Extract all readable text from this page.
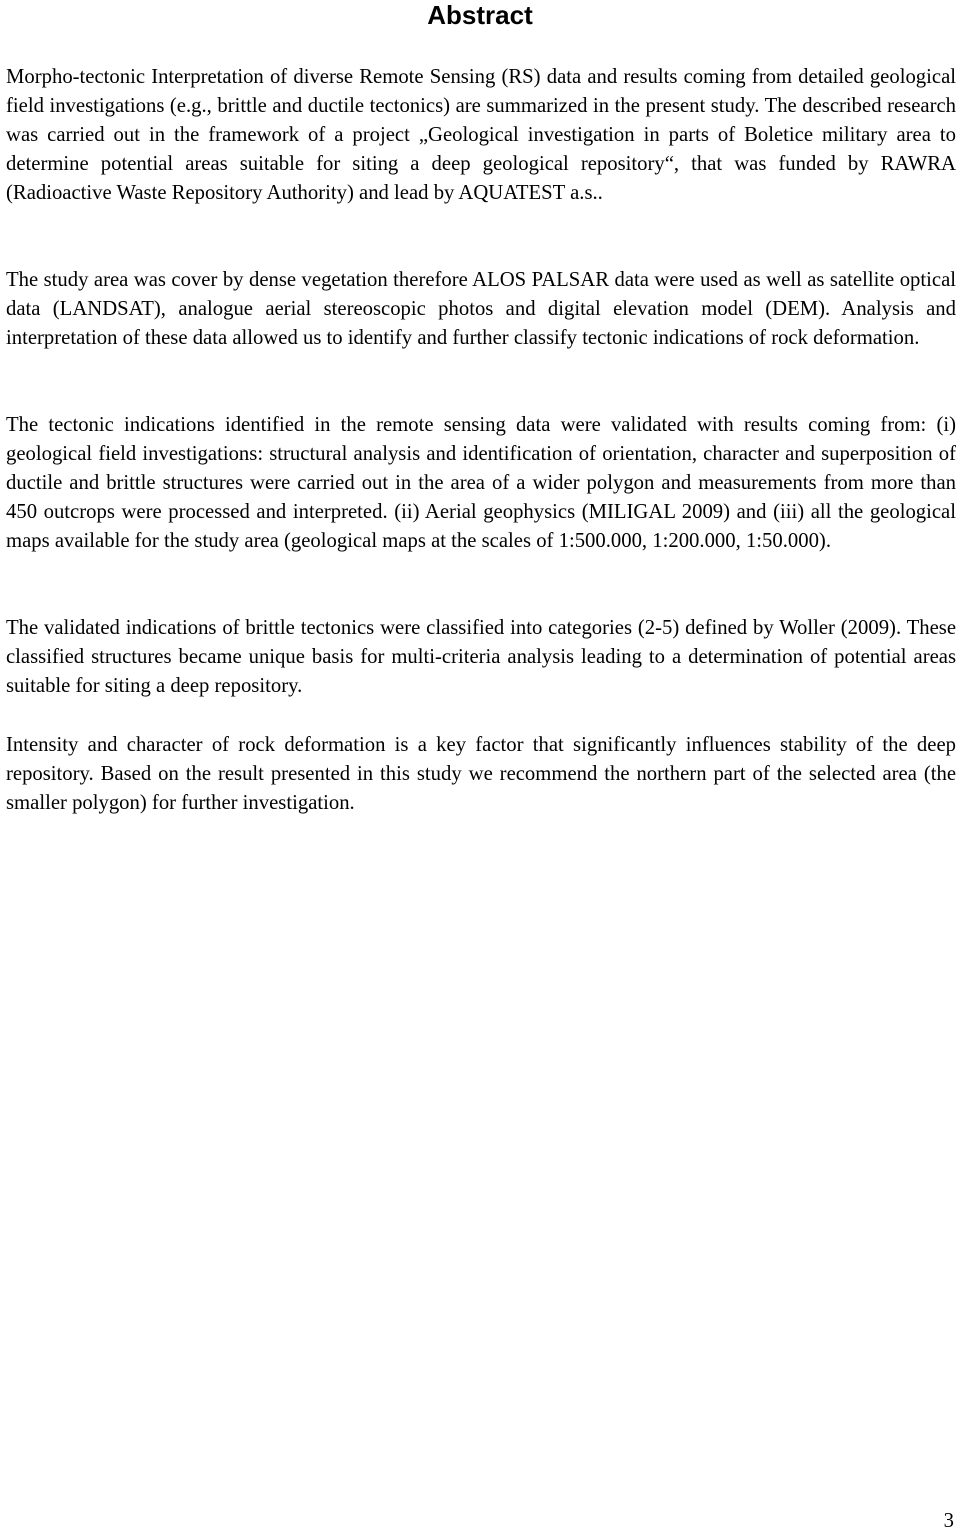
Abstract

Morpho-tectonic Interpretation of diverse Remote Sensing (RS) data and results coming from detailed geological field investigations (e.g., brittle and ductile tectonics) are summarized in the present study. The described research was carried out in the framework of a project „Geological investigation in parts of Boletice military area to determine potential areas suitable for siting a deep geological repository“, that was funded by RAWRA (Radioactive Waste Repository Authority) and lead by AQUATEST a.s..

The study area was cover by dense vegetation therefore ALOS PALSAR data were used as well as satellite optical data (LANDSAT), analogue aerial stereoscopic photos and digital elevation model (DEM). Analysis and interpretation of these data allowed us to identify and further classify tectonic indications of rock deformation.

The tectonic indications identified in the remote sensing data were validated with results coming from: (i) geological field investigations: structural analysis and identification of orientation, character and superposition of ductile and brittle structures were carried out in the area of a wider polygon and measurements from more than 450 outcrops were processed and interpreted. (ii) Aerial geophysics (MILIGAL 2009) and (iii) all the geological maps available for the study area (geological maps at the scales of 1:500.000, 1:200.000, 1:50.000).

The validated indications of brittle tectonics were classified into categories (2-5) defined by Woller (2009). These classified structures became unique basis for multi-criteria analysis leading to a determination of potential areas suitable for siting a deep repository.

Intensity and character of rock deformation is a key factor that significantly influences stability of the deep repository. Based on the result presented in this study we recommend the northern part of the selected area (the smaller polygon) for further investigation.

3
